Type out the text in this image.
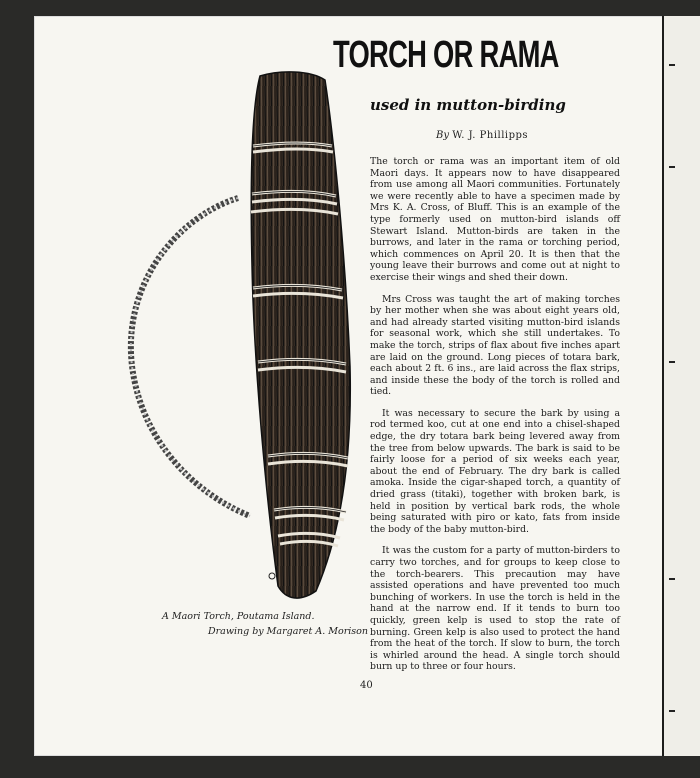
TORCH OR RAMA
used in mutton-birding
By W. J. Phillipps

The torch or rama was an important item of old Maori days. It appears now to have disappeared from use among all Maori communities. Fortunately we were recently able to have a specimen made by Mrs K. A. Cross, of Bluff. This is an example of the type formerly used on mutton-bird islands off Stewart Island. Mutton-birds are taken in the burrows, and later in the rama or torching period, which commences on April 20. It is then that the young leave their burrows and come out at night to exercise their wings and shed their down.

Mrs Cross was taught the art of making torches by her mother when she was about eight years old, and had already started visiting mutton-bird islands for seasonal work, which she still undertakes. To make the torch, strips of flax about five inches apart are laid on the ground. Long pieces of totara bark, each about 2 ft. 6 ins., are laid across the flax strips, and inside these the body of the torch is rolled and tied.

It was necessary to secure the bark by using a rod termed koo, cut at one end into a chisel-shaped edge, the dry totara bark being levered away from the tree from below upwards. The bark is said to be fairly loose for a period of six weeks each year, about the end of February. The dry bark is called amoka. Inside the cigar-shaped torch, a quantity of dried grass (titaki), together with broken bark, is held in position by vertical bark rods, the whole being saturated with piro or kato, fats from inside the body of the baby mutton-bird.

It was the custom for a party of mutton-birders to carry two torches, and for groups to keep close to the torch-bearers. This precaution may have assisted operations and have prevented too much bunching of workers. In use the torch is held in the hand at the narrow end. If it tends to burn too quickly, green kelp is used to stop the rate of burning. Green kelp is also used to protect the hand from the heat of the torch. If slow to burn, the torch is whirled around the head. A single torch should burn up to three or four hours.

A Maori Torch, Poutama Island.
Drawing by Margaret A. Morison
40
